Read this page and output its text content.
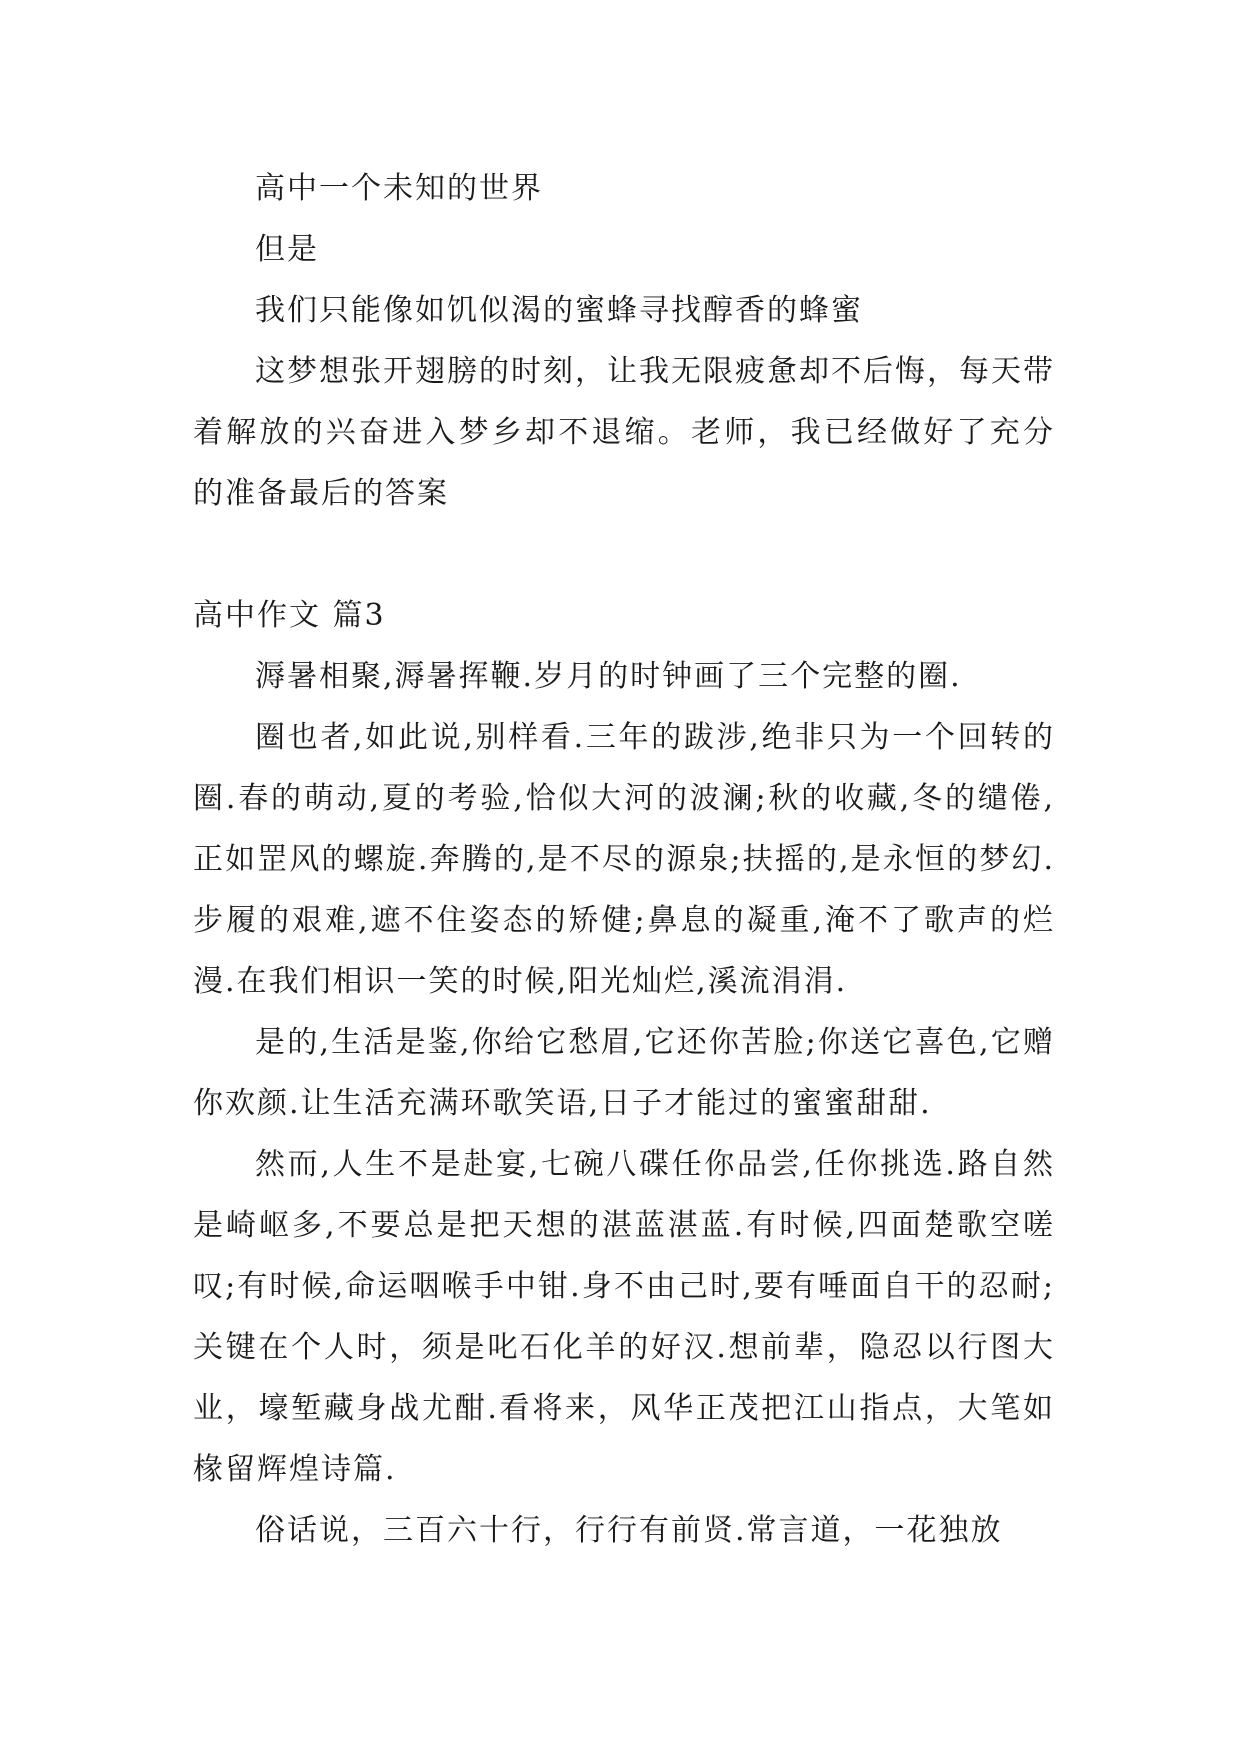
高中一个未知的世界

但是

我们只能像如饥似渴的蜜蜂寻找醇香的蜂蜜

这梦想张开翅膀的时刻，让我无限疲惫却不后悔，每天带着解放的兴奋进入梦乡却不退缩。老师，我已经做好了充分的准备最后的答案

高中作文 篇3

溽暑相聚,溽暑挥鞭.岁月的时钟画了三个完整的圈.

圈也者,如此说,别样看.三年的跋涉,绝非只为一个回转的圈.春的萌动,夏的考验,恰似大河的波澜;秋的收藏,冬的缱倦,正如罡风的螺旋.奔腾的,是不尽的源泉;扶摇的,是永恒的梦幻.步履的艰难,遮不住姿态的矫健;鼻息的凝重,淹不了歌声的烂漫.在我们相识一笑的时候,阳光灿烂,溪流涓涓.

是的,生活是鉴,你给它愁眉,它还你苦脸;你送它喜色,它赠你欢颜.让生活充满环歌笑语,日子才能过的蜜蜜甜甜.

然而,人生不是赴宴,七碗八碟任你品尝,任你挑选.路自然是崎岖多,不要总是把天想的湛蓝湛蓝.有时候,四面楚歌空嗟叹;有时候,命运咽喉手中钳.身不由己时,要有唾面自干的忍耐;关键在个人时，须是叱石化羊的好汉.想前辈，隐忍以行图大业，壕堑藏身战尤酣.看将来，风华正茂把江山指点，大笔如椽留辉煌诗篇.

俗话说，三百六十行，行行有前贤.常言道，一花独放
